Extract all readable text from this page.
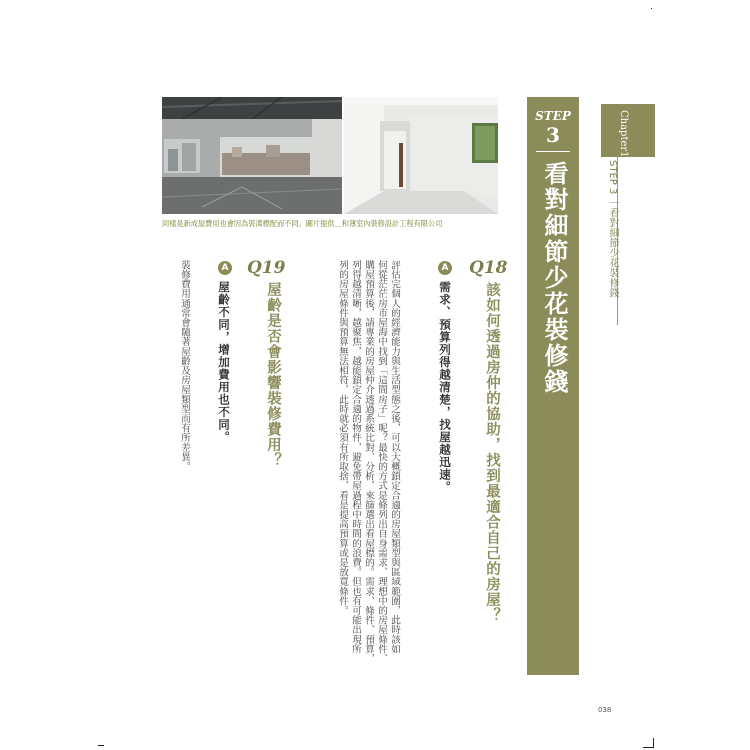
同樣是新成屋費用也會因為裝潢標配而不同。圖片提供＿和薄室內裝修設計工程有限公司
STEP
3
看對細節少花裝修錢
Chapter1
STEP 3 ｜看對細節少花裝修錢
Q18
該如何透過房仲的協助，找到最適合自己的房屋？
A
需求、預算列得越清楚，找屋越迅速。
評估完個人的經濟能力與生活型態之後，可以大概鎖定合適的房屋類型與區域範圍，此時該如
何從茫茫房市屋海中找到「這間房子」呢？最快的方式是條列出自身需求、理想中的房屋條件、
購屋預算後，請專業的房屋仲介透過系統比對、分析，來篩選出看屋標的。需求、條件、預算，
列得越清晰，越聚焦，越能鎖定合適的物件，避免帶屋過程中時間的浪費。但也有可能出現所
列的房屋條件與預算無法相符，此時就必須有所取捨，看是提高預算或是放寬條件。
Q19
屋齡是否會影響裝修費用？
A
屋齡不同，增加費用也不同。
裝修費用通常會隨著屋齡及房屋類型而有所差異。
038
